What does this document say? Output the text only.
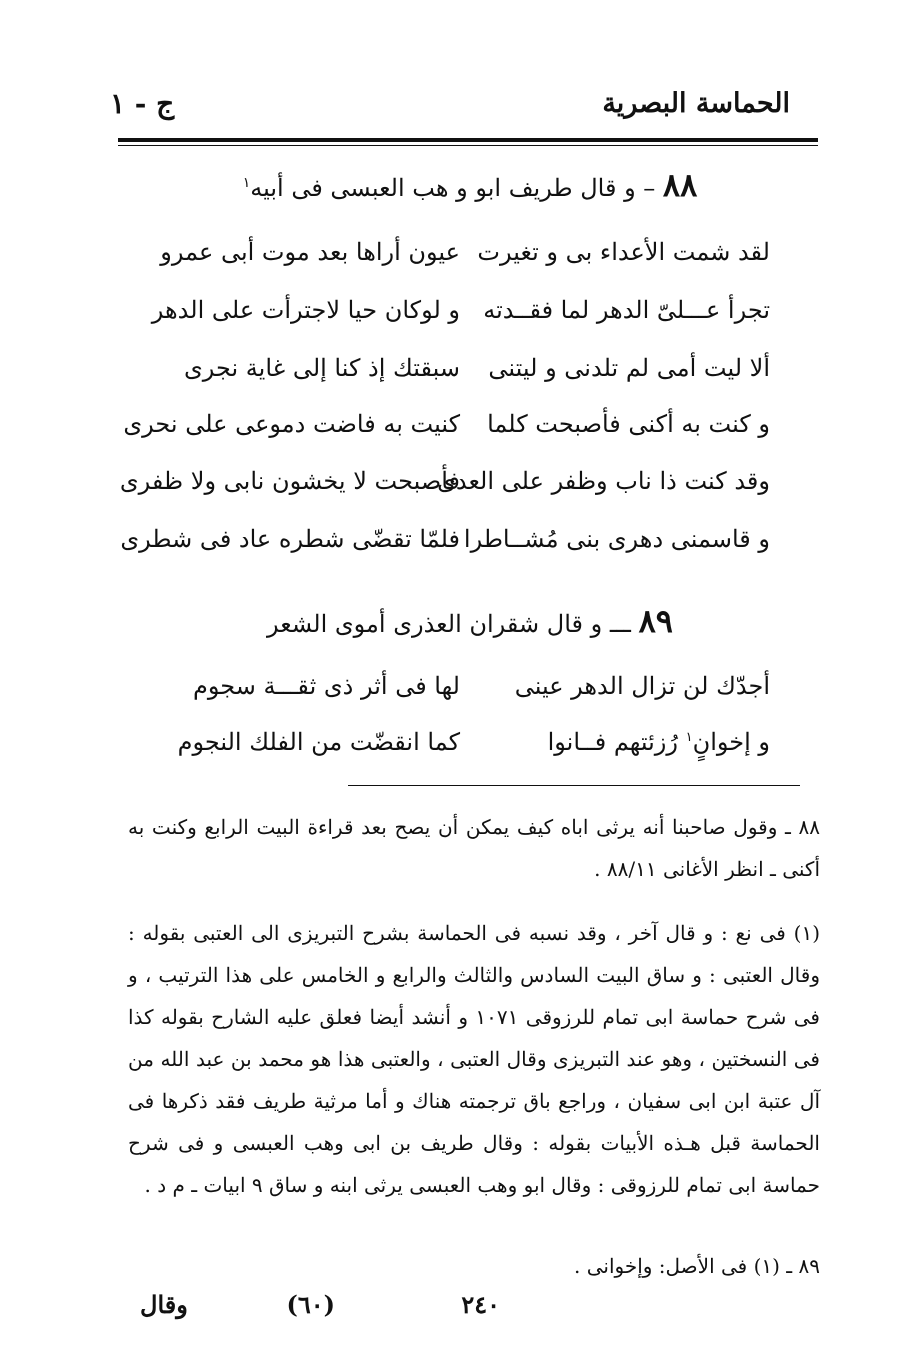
الحماسة البصرية
ج - ١
٨٨ – و قال طريف ابو و هب العبسى فى أبيه$^١$
لقد شمت الأعداء بى و تغيرت
عيون أراها بعد موت أبى عمرو
تجرأ عـــلىّ الدهر لما فقــدته
و لوكان حيا لاجترأت على الدهر
ألا ليت أمى لم تلدنى و ليتنى
سبقتك إذ كنا إلى غاية نجرى
و كنت به أكنى فأصبحت كلما
كنيت به فاضت دموعى على نحرى
وقد كنت ذا ناب وظفر على العدى
فأصبحت لا يخشون نابى ولا ظفرى
و قاسمنى دهرى بنى مُشــاطرا
فلمّا تقضّى شطره عاد فى شطرى
٨٩ ـــ و قال شقران العذرى أموى الشعر
أجدّك لن تزال الدهر عينى
لها فى أثر ذى ثقـــة سجوم
و إخوانٍ$^١$ رُزئتهم فــانوا
كما انقضّت من الفلك النجوم
٨٨ ـ وقول صاحبنا أنه يرثى اباه كيف يمكن أن يصح بعد قراءة البيت الرابع وكنت به أكنى ـ انظر الأغانى ٨٨/١١ .
(١) فى نع : و قال آخر ، وقد نسبه فى الحماسة بشرح التبريزى الى العتبى بقوله : وقال العتبى : و ساق البيت السادس والثالث والرابع و الخامس على هذا الترتيب ، و فى شرح حماسة ابى تمام للرزوقى ١٠٧١ و أنشد أيضا فعلق عليه الشارح بقوله كذا فى النسختين ، وهو عند التبريزى وقال العتبى ، والعتبى هذا هو محمد بن عبد الله من آل عتبة ابن ابى سفيان ، وراجع باق ترجمته هناك و أما مرثية طريف فقد ذكرها فى الحماسة قبل هـذه الأبيات بقوله : وقال طريف بن ابى وهب العبسى و فى شرح حماسة ابى تمام للرزوقى : وقال ابو وهب العبسى يرثى ابنه و ساق ٩ ابيات ـ م د .
٨٩ ـ (١) فى الأصل: وإخوانى .
٢٤٠
(٦٠)
وقال
